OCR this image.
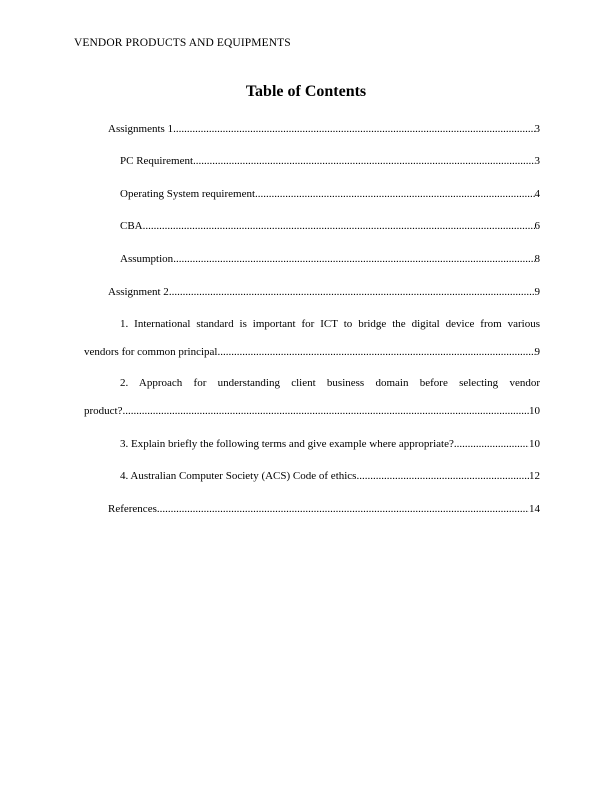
VENDOR PRODUCTS AND EQUIPMENTS
Table of Contents
Assignments 1 .....	3
PC Requirement .....	3
Operating System requirement .....	4
CBA .....	6
Assumption .....	8
Assignment 2 .....	9
1. International standard is important for ICT to bridge the digital device from various
vendors for common principal .....	9
2. Approach for understanding client business domain before selecting vendor
product? .....	10
3. Explain briefly the following terms and give example where appropriate? .....	10
4. Australian Computer Society (ACS) Code of ethics .....	12
References .....	14
